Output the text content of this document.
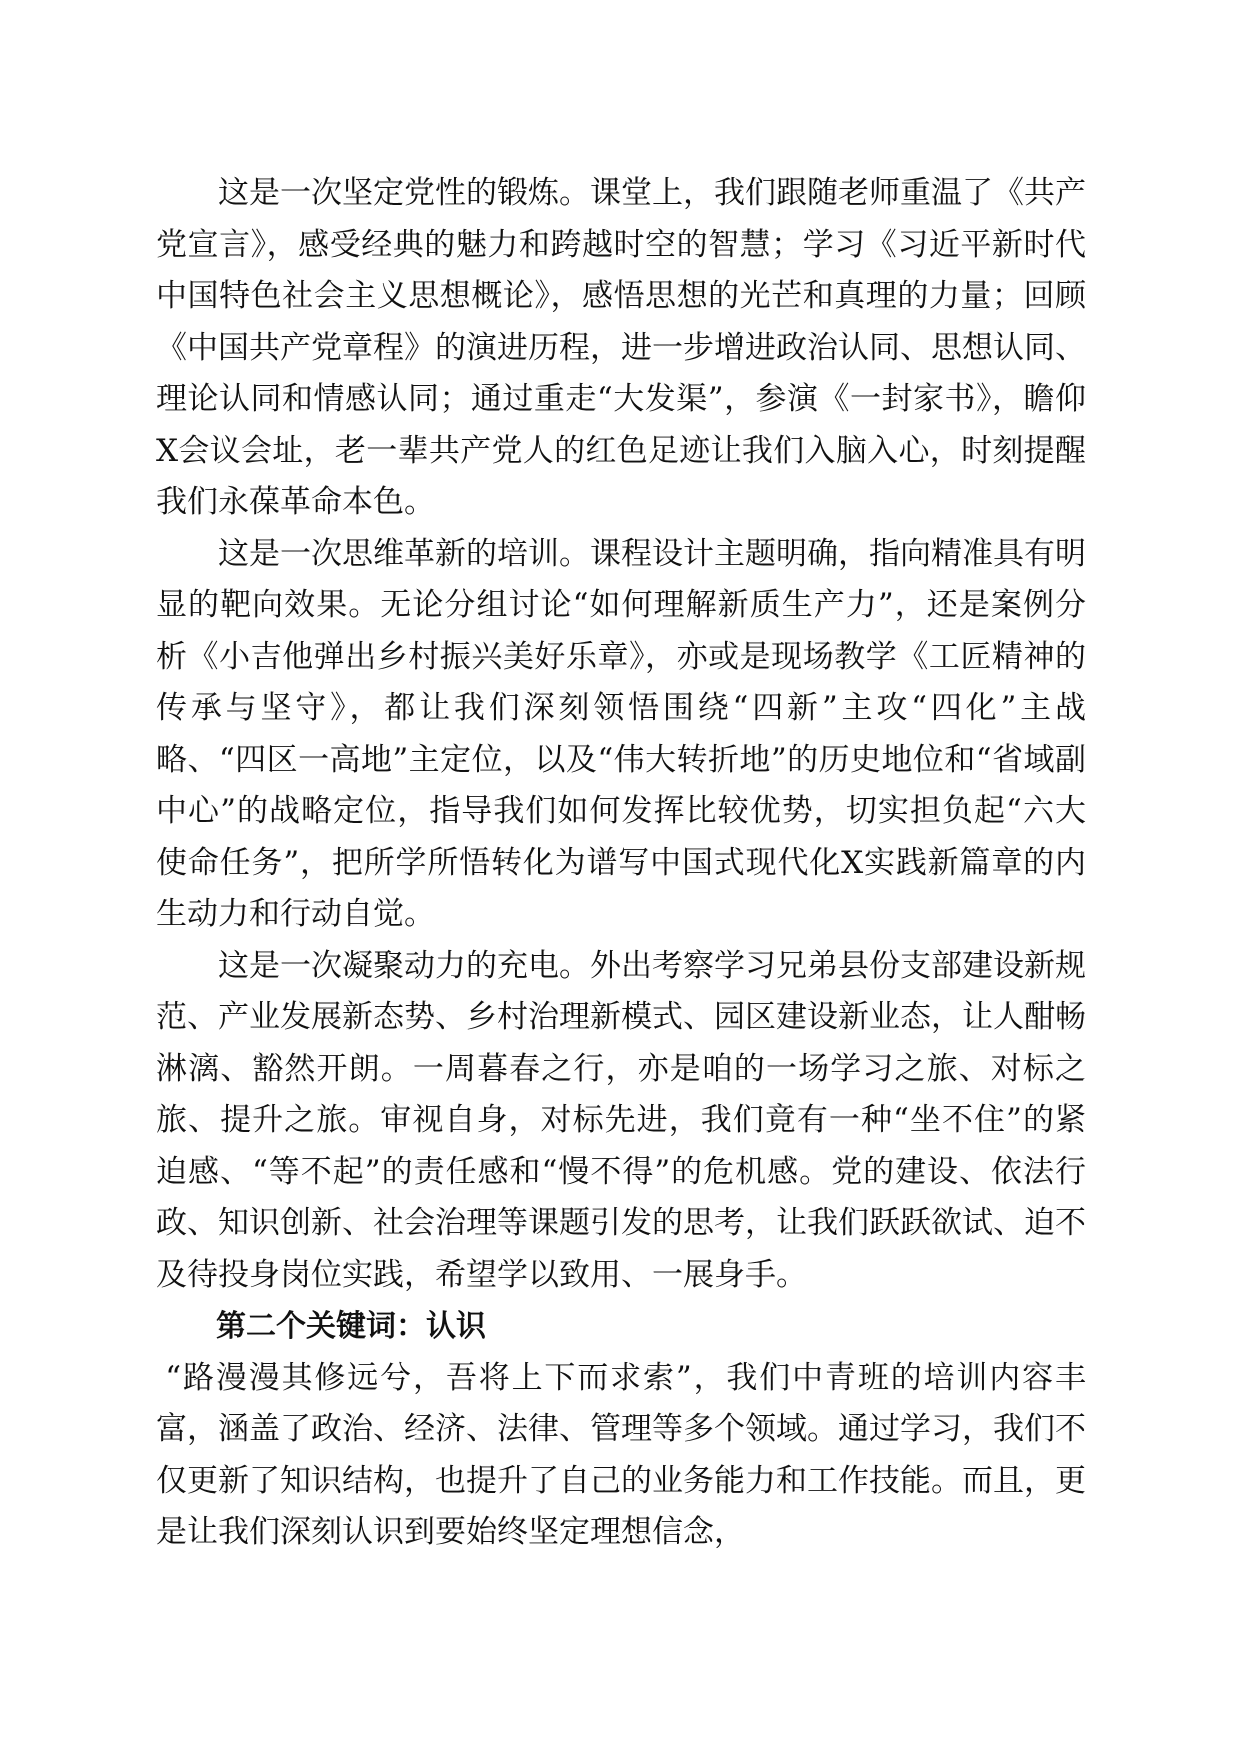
这是一次坚定党性的锻炼。课堂上，我们跟随老师重温了《共产党宣言》，感受经典的魅力和跨越时空的智慧；学习《习近平新时代中国特色社会主义思想概论》，感悟思想的光芒和真理的力量；回顾《中国共产党章程》的演进历程，进一步增进政治认同、思想认同、理论认同和情感认同；通过重走“大发渠”，参演《一封家书》，瞻仰X会议会址，老一辈共产党人的红色足迹让我们入脑入心，时刻提醒我们永葆革命本色。

这是一次思维革新的培训。课程设计主题明确，指向精准具有明显的靶向效果。无论分组讨论“如何理解新质生产力”，还是案例分析《小吉他弹出乡村振兴美好乐章》，亦或是现场教学《工匠精神的传承与坚守》，都让我们深刻领悟围绕“四新”主攻“四化”主战略、“四区一高地”主定位，以及“伟大转折地”的历史地位和“省域副中心”的战略定位，指导我们如何发挥比较优势，切实担负起“六大使命任务”，把所学所悟转化为谱写中国式现代化X实践新篇章的内生动力和行动自觉。

这是一次凝聚动力的充电。外出考察学习兄弟县份支部建设新规范、产业发展新态势、乡村治理新模式、园区建设新业态，让人酣畅淋漓、豁然开朗。一周暮春之行，亦是咱的一场学习之旅、对标之旅、提升之旅。审视自身，对标先进，我们竟有一种“坐不住”的紧迫感、“等不起”的责任感和“慢不得”的危机感。党的建设、依法行政、知识创新、社会治理等课题引发的思考，让我们跃跃欲试、迫不及待投身岗位实践，希望学以致用、一展身手。

第二个关键词：认识

“路漫漫其修远兮，吾将上下而求索”，我们中青班的培训内容丰富，涵盖了政治、经济、法律、管理等多个领域。通过学习，我们不仅更新了知识结构，也提升了自己的业务能力和工作技能。而且，更是让我们深刻认识到要始终坚定理想信念，
